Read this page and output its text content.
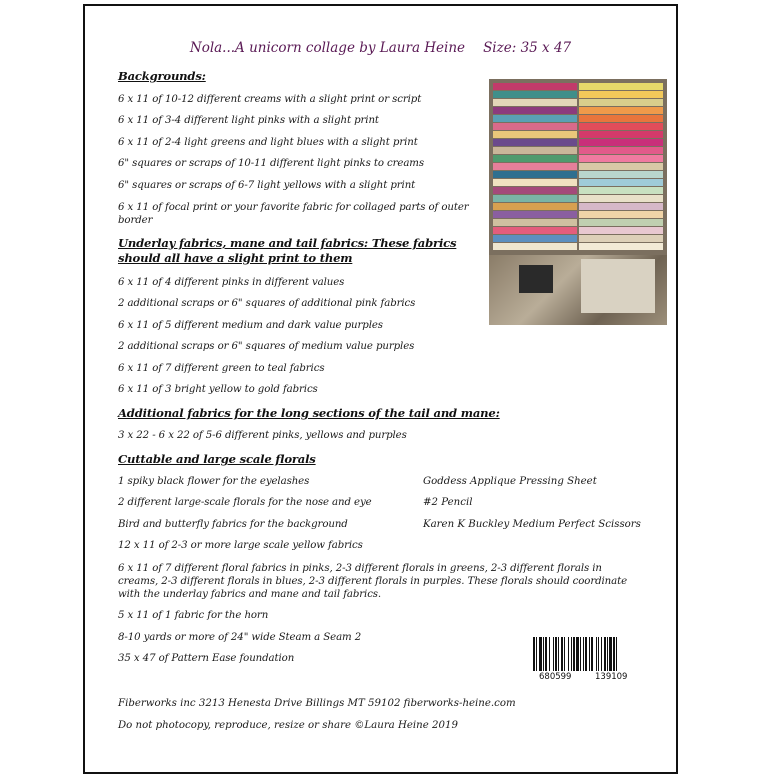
Nola...A unicorn collage by Laura Heine Size: 35 x 47
Backgrounds:
6 x 11 of 10-12 different creams with a slight print or script
6 x 11 of 3-4 different light pinks with a slight print
6 x 11 of 2-4 light greens and light blues with a slight print
6" squares or scraps of 10-11 different light pinks to creams
6" squares or scraps of 6-7 light yellows with a slight print
6 x 11 of focal print or your favorite fabric for collaged parts of outer border
Underlay fabrics, mane and tail fabrics: These fabrics should all have a slight print to them
6 x 11 of 4 different pinks in different values
2 additional scraps or 6" squares of additional pink fabrics
6 x 11 of 5 different medium and dark value purples
2 additional scraps or 6" squares of medium value purples
6 x 11 of 7 different green to teal fabrics
6 x 11 of 3 bright yellow to gold fabrics
Additional fabrics for the long sections of the tail and mane:
3 x 22 - 6 x 22 of 5-6 different pinks, yellows and purples
Cuttable and large scale florals
1 spiky black flower for the eyelashes
2 different large-scale florals for the nose and eye
Bird and butterfly fabrics for the background
12 x 11 of 2-3 or more large scale yellow fabrics
6 x 11 of 7 different floral fabrics in pinks, 2-3 different florals in greens, 2-3 different florals in creams, 2-3 different florals in blues, 2-3 different florals in purples. These florals should coordinate with the underlay fabrics and mane and tail fabrics.
5 x 11 of 1 fabric for the horn
8-10 yards or more of 24" wide Steam a Seam 2
35 x 47 of Pattern Ease foundation
Goddess Applique Pressing Sheet
#2 Pencil
Karen K Buckley Medium Perfect Scissors
680599	139109
Fiberworks inc 3213 Henesta Drive Billings MT 59102 fiberworks-heine.com
Do not photocopy, reproduce, resize or share ©Laura Heine 2019
